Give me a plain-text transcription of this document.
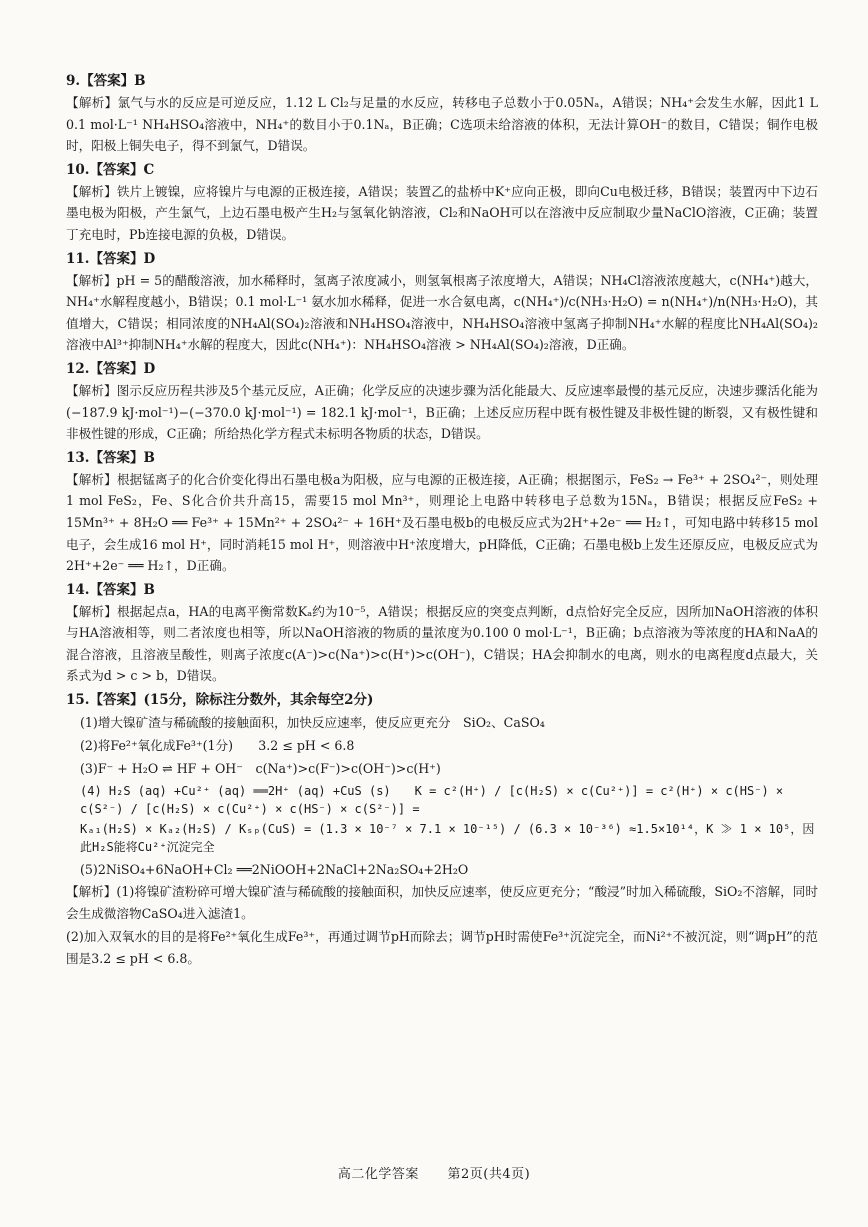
9.【答案】B

【解析】氯气与水的反应是可逆反应，1.12 L Cl₂与足量的水反应，转移电子总数小于0.05Nₐ，A错误；NH₄⁺会发生水解，因此1 L 0.1 mol·L⁻¹ NH₄HSO₄溶液中，NH₄⁺的数目小于0.1Nₐ，B正确；C选项未给溶液的体积，无法计算OH⁻的数目，C错误；铜作电极时，阳极上铜失电子，得不到氯气，D错误。

10.【答案】C

【解析】铁片上镀镍，应将镍片与电源的正极连接，A错误；装置乙的盐桥中K⁺应向正极，即向Cu电极迁移，B错误；装置丙中下边石墨电极为阳极，产生氯气，上边石墨电极产生H₂与氢氧化钠溶液，Cl₂和NaOH可以在溶液中反应制取少量NaClO溶液，C正确；装置丁充电时，Pb连接电源的负极，D错误。

11.【答案】D

【解析】pH = 5的醋酸溶液，加水稀释时，氢离子浓度减小，则氢氧根离子浓度增大，A错误；NH₄Cl溶液浓度越大，c(NH₄⁺)越大，NH₄⁺水解程度越小，B错误；0.1 mol·L⁻¹ 氨水加水稀释，促进一水合氨电离，c(NH₄⁺)/c(NH₃·H₂O) = n(NH₄⁺)/n(NH₃·H₂O)，其值增大，C错误；相同浓度的NH₄Al(SO₄)₂溶液和NH₄HSO₄溶液中，NH₄HSO₄溶液中氢离子抑制NH₄⁺水解的程度比NH₄Al(SO₄)₂溶液中Al³⁺抑制NH₄⁺水解的程度大，因此c(NH₄⁺)：NH₄HSO₄溶液 > NH₄Al(SO₄)₂溶液，D正确。

12.【答案】D

【解析】图示反应历程共涉及5个基元反应，A正确；化学反应的决速步骤为活化能最大、反应速率最慢的基元反应，决速步骤活化能为(−187.9 kJ·mol⁻¹)−(−370.0 kJ·mol⁻¹) = 182.1 kJ·mol⁻¹，B正确；上述反应历程中既有极性键及非极性键的断裂，又有极性键和非极性键的形成，C正确；所给热化学方程式未标明各物质的状态，D错误。

13.【答案】B

【解析】根据锰离子的化合价变化得出石墨电极a为阳极，应与电源的正极连接，A正确；根据图示，FeS₂ → Fe³⁺ + 2SO₄²⁻，则处理1 mol FeS₂，Fe、S化合价共升高15，需要15 mol Mn³⁺，则理论上电路中转移电子总数为15Nₐ，B错误；根据反应FeS₂ + 15Mn³⁺ + 8H₂O ══ Fe³⁺ + 15Mn²⁺ + 2SO₄²⁻ + 16H⁺及石墨电极b的电极反应式为2H⁺+2e⁻ ══ H₂↑，可知电路中转移15 mol电子，会生成16 mol H⁺，同时消耗15 mol H⁺，则溶液中H⁺浓度增大，pH降低，C正确；石墨电极b上发生还原反应，电极反应式为2H⁺+2e⁻ ══ H₂↑，D正确。

14.【答案】B

【解析】根据起点a，HA的电离平衡常数Kₐ约为10⁻⁵，A错误；根据反应的突变点判断，d点恰好完全反应，因所加NaOH溶液的体积与HA溶液相等，则二者浓度也相等，所以NaOH溶液的物质的量浓度为0.100 0 mol·L⁻¹，B正确；b点溶液为等浓度的HA和NaA的混合溶液，且溶液呈酸性，则离子浓度c(A⁻)>c(Na⁺)>c(H⁺)>c(OH⁻)，C错误；HA会抑制水的电离，则水的电离程度d点最大，关系式为d > c > b，D错误。

15.【答案】(15分，除标注分数外，其余每空2分)

(1)增大镍矿渣与稀硫酸的接触面积，加快反应速率，使反应更充分　SiO₂、CaSO₄

(2)将Fe²⁺氧化成Fe³⁺(1分)　　3.2 ≤ pH < 6.8

(3)F⁻ + H₂O ⇌ HF + OH⁻　c(Na⁺)>c(F⁻)>c(OH⁻)>c(H⁺)

(4) H₂S (aq) +Cu²⁺ (aq) ══2H⁺ (aq) +CuS (s)　　K = c²(H⁺) / [c(H₂S) × c(Cu²⁺)] = c²(H⁺) × c(HS⁻) × c(S²⁻) / [c(H₂S) × c(Cu²⁺) × c(HS⁻) × c(S²⁻)] =

Kₐ₁(H₂S) × Kₐ₂(H₂S) / Kₛₚ(CuS) = (1.3 × 10⁻⁷ × 7.1 × 10⁻¹⁵) / (6.3 × 10⁻³⁶) ≈1.5×10¹⁴，K ≫ 1 × 10⁵，因此H₂S能将Cu²⁺沉淀完全

(5)2NiSO₄+6NaOH+Cl₂ ══2NiOOH+2NaCl+2Na₂SO₄+2H₂O

【解析】(1)将镍矿渣粉碎可增大镍矿渣与稀硫酸的接触面积，加快反应速率，使反应更充分；“酸浸”时加入稀硫酸，SiO₂不溶解，同时会生成微溶物CaSO₄进入滤渣1。

(2)加入双氧水的目的是将Fe²⁺氧化生成Fe³⁺，再通过调节pH而除去；调节pH时需使Fe³⁺沉淀完全，而Ni²⁺不被沉淀，则“调pH”的范围是3.2 ≤ pH < 6.8。

高二化学答案 第2页(共4页)
